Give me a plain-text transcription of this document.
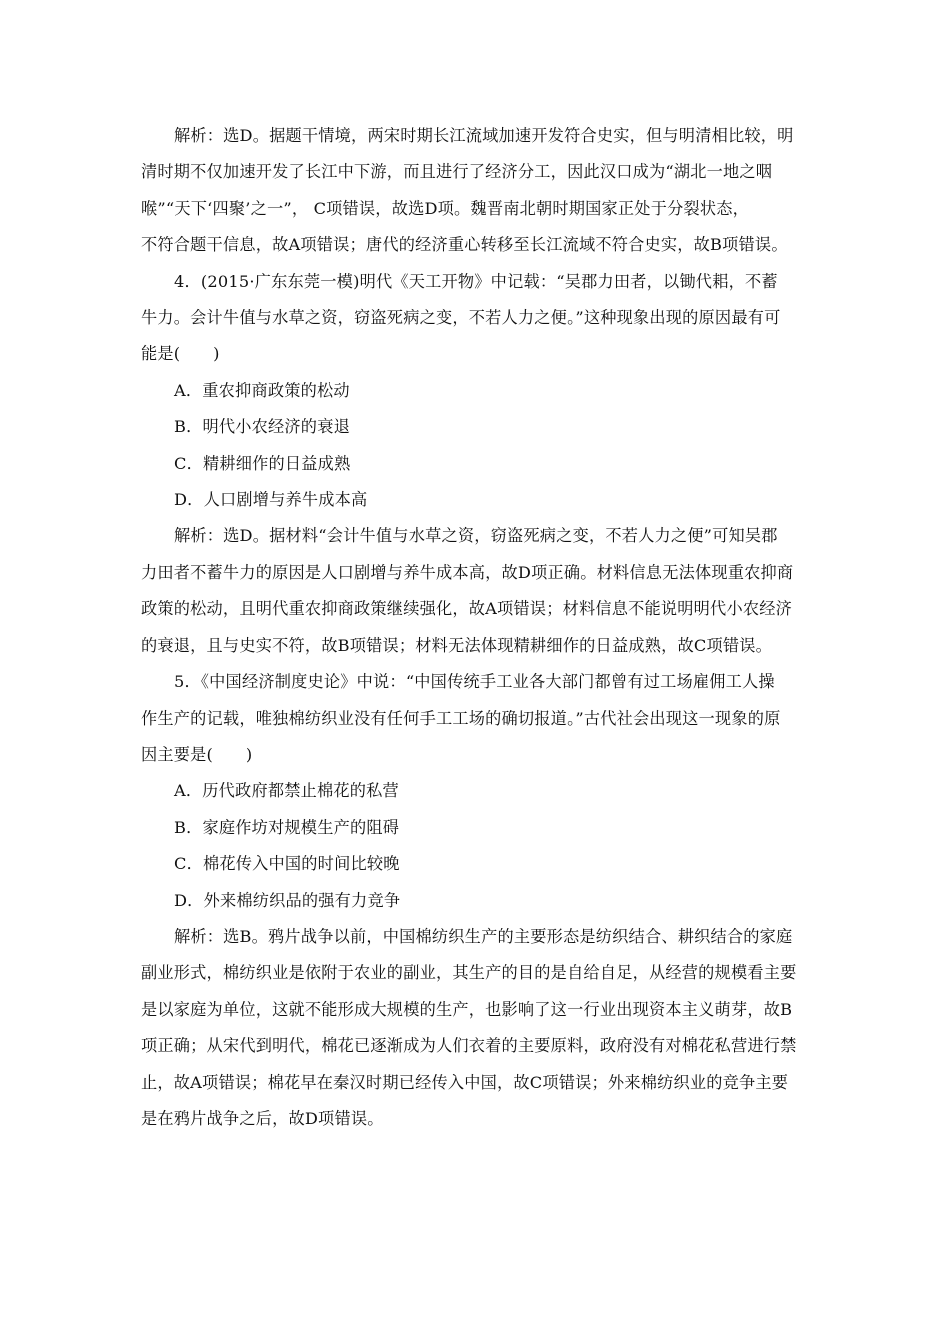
解析：选D。据题干情境，两宋时期长江流域加速开发符合史实，但与明清相比较，明
清时期不仅加速开发了长江中下游，而且进行了经济分工，因此汉口成为“湖北一地之咽
喉”“天下‘四聚’之一”， C项错误，故选D项。魏晋南北朝时期国家正处于分裂状态，
不符合题干信息，故A项错误；唐代的经济重心转移至长江流域不符合史实，故B项错误。
4．(2015·广东东莞一模)明代《天工开物》中记载：“吴郡力田者，以锄代耜，不蓄
牛力。会计牛值与水草之资，窃盗死病之变，不若人力之便。”这种现象出现的原因最有可
能是(　　)
A．重农抑商政策的松动
B．明代小农经济的衰退
C．精耕细作的日益成熟
D．人口剧增与养牛成本高
解析：选D。据材料“会计牛值与水草之资，窃盗死病之变，不若人力之便”可知吴郡
力田者不蓄牛力的原因是人口剧增与养牛成本高，故D项正确。材料信息无法体现重农抑商
政策的松动，且明代重农抑商政策继续强化，故A项错误；材料信息不能说明明代小农经济
的衰退，且与史实不符，故B项错误；材料无法体现精耕细作的日益成熟，故C项错误。
5．《中国经济制度史论》中说：“中国传统手工业各大部门都曾有过工场雇佣工人操
作生产的记载，唯独棉纺织业没有任何手工工场的确切报道。”古代社会出现这一现象的原
因主要是(　　)
A．历代政府都禁止棉花的私营
B．家庭作坊对规模生产的阻碍
C．棉花传入中国的时间比较晚
D．外来棉纺织品的强有力竞争
解析：选B。鸦片战争以前，中国棉纺织生产的主要形态是纺织结合、耕织结合的家庭
副业形式，棉纺织业是依附于农业的副业，其生产的目的是自给自足，从经营的规模看主要
是以家庭为单位，这就不能形成大规模的生产，也影响了这一行业出现资本主义萌芽，故B
项正确；从宋代到明代，棉花已逐渐成为人们衣着的主要原料，政府没有对棉花私营进行禁
止，故A项错误；棉花早在秦汉时期已经传入中国，故C项错误；外来棉纺织业的竞争主要
是在鸦片战争之后，故D项错误。
